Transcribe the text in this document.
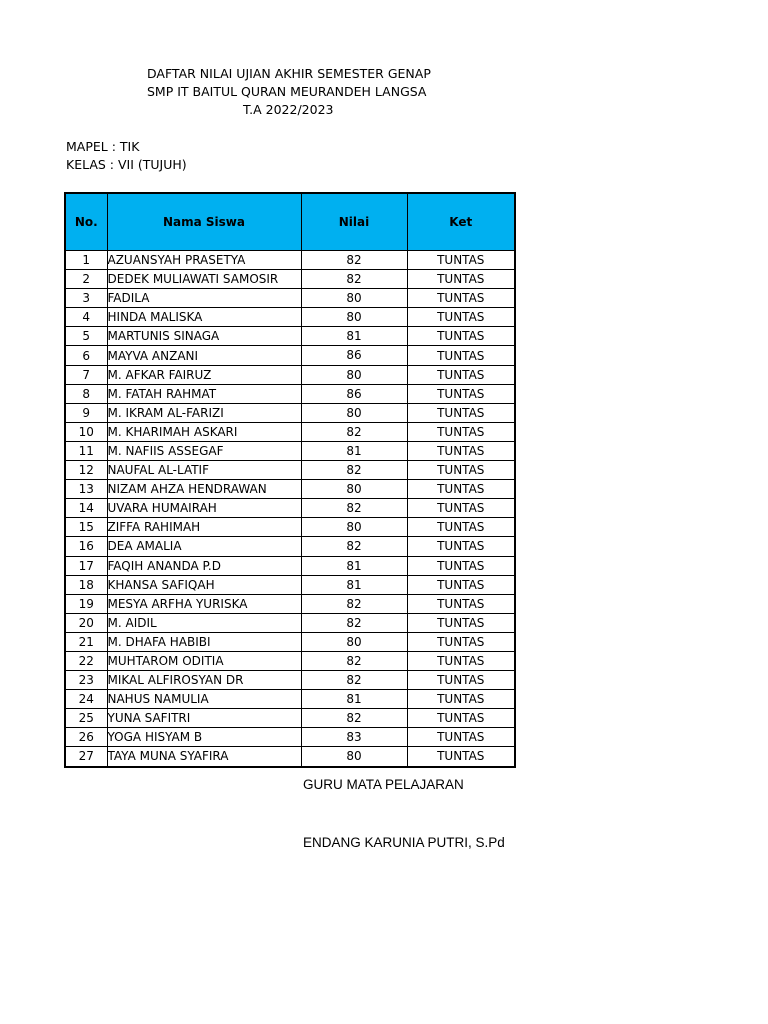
DAFTAR NILAI UJIAN AKHIR SEMESTER GENAP
SMP IT BAITUL QURAN MEURANDEH LANGSA
T.A 2022/2023
MAPEL : TIK
KELAS : VII (TUJUH)
No.	Nama Siswa	Nilai	Ket
1	AZUANSYAH PRASETYA	82	TUNTAS
2	DEDEK MULIAWATI SAMOSIR	82	TUNTAS
3	FADILA	80	TUNTAS
4	HINDA MALISKA	80	TUNTAS
5	MARTUNIS SINAGA	81	TUNTAS
6	MAYVA ANZANI	86	TUNTAS
7	M. AFKAR FAIRUZ	80	TUNTAS
8	M. FATAH RAHMAT	86	TUNTAS
9	M. IKRAM AL-FARIZI	80	TUNTAS
10	M. KHARIMAH ASKARI	82	TUNTAS
11	M. NAFIIS ASSEGAF	81	TUNTAS
12	NAUFAL AL-LATIF	82	TUNTAS
13	NIZAM AHZA HENDRAWAN	80	TUNTAS
14	UVARA HUMAIRAH	82	TUNTAS
15	ZIFFA RAHIMAH	80	TUNTAS
16	DEA AMALIA	82	TUNTAS
17	FAQIH ANANDA P.D	81	TUNTAS
18	KHANSA SAFIQAH	81	TUNTAS
19	MESYA ARFHA YURISKA	82	TUNTAS
20	M. AIDIL	82	TUNTAS
21	M. DHAFA HABIBI	80	TUNTAS
22	MUHTAROM ODITIA	82	TUNTAS
23	MIKAL ALFIROSYAN DR	82	TUNTAS
24	NAHUS NAMULIA	81	TUNTAS
25	YUNA SAFITRI	82	TUNTAS
26	YOGA HISYAM B	83	TUNTAS
27	TAYA MUNA SYAFIRA	80	TUNTAS
GURU MATA PELAJARAN
ENDANG KARUNIA PUTRI, S.Pd
